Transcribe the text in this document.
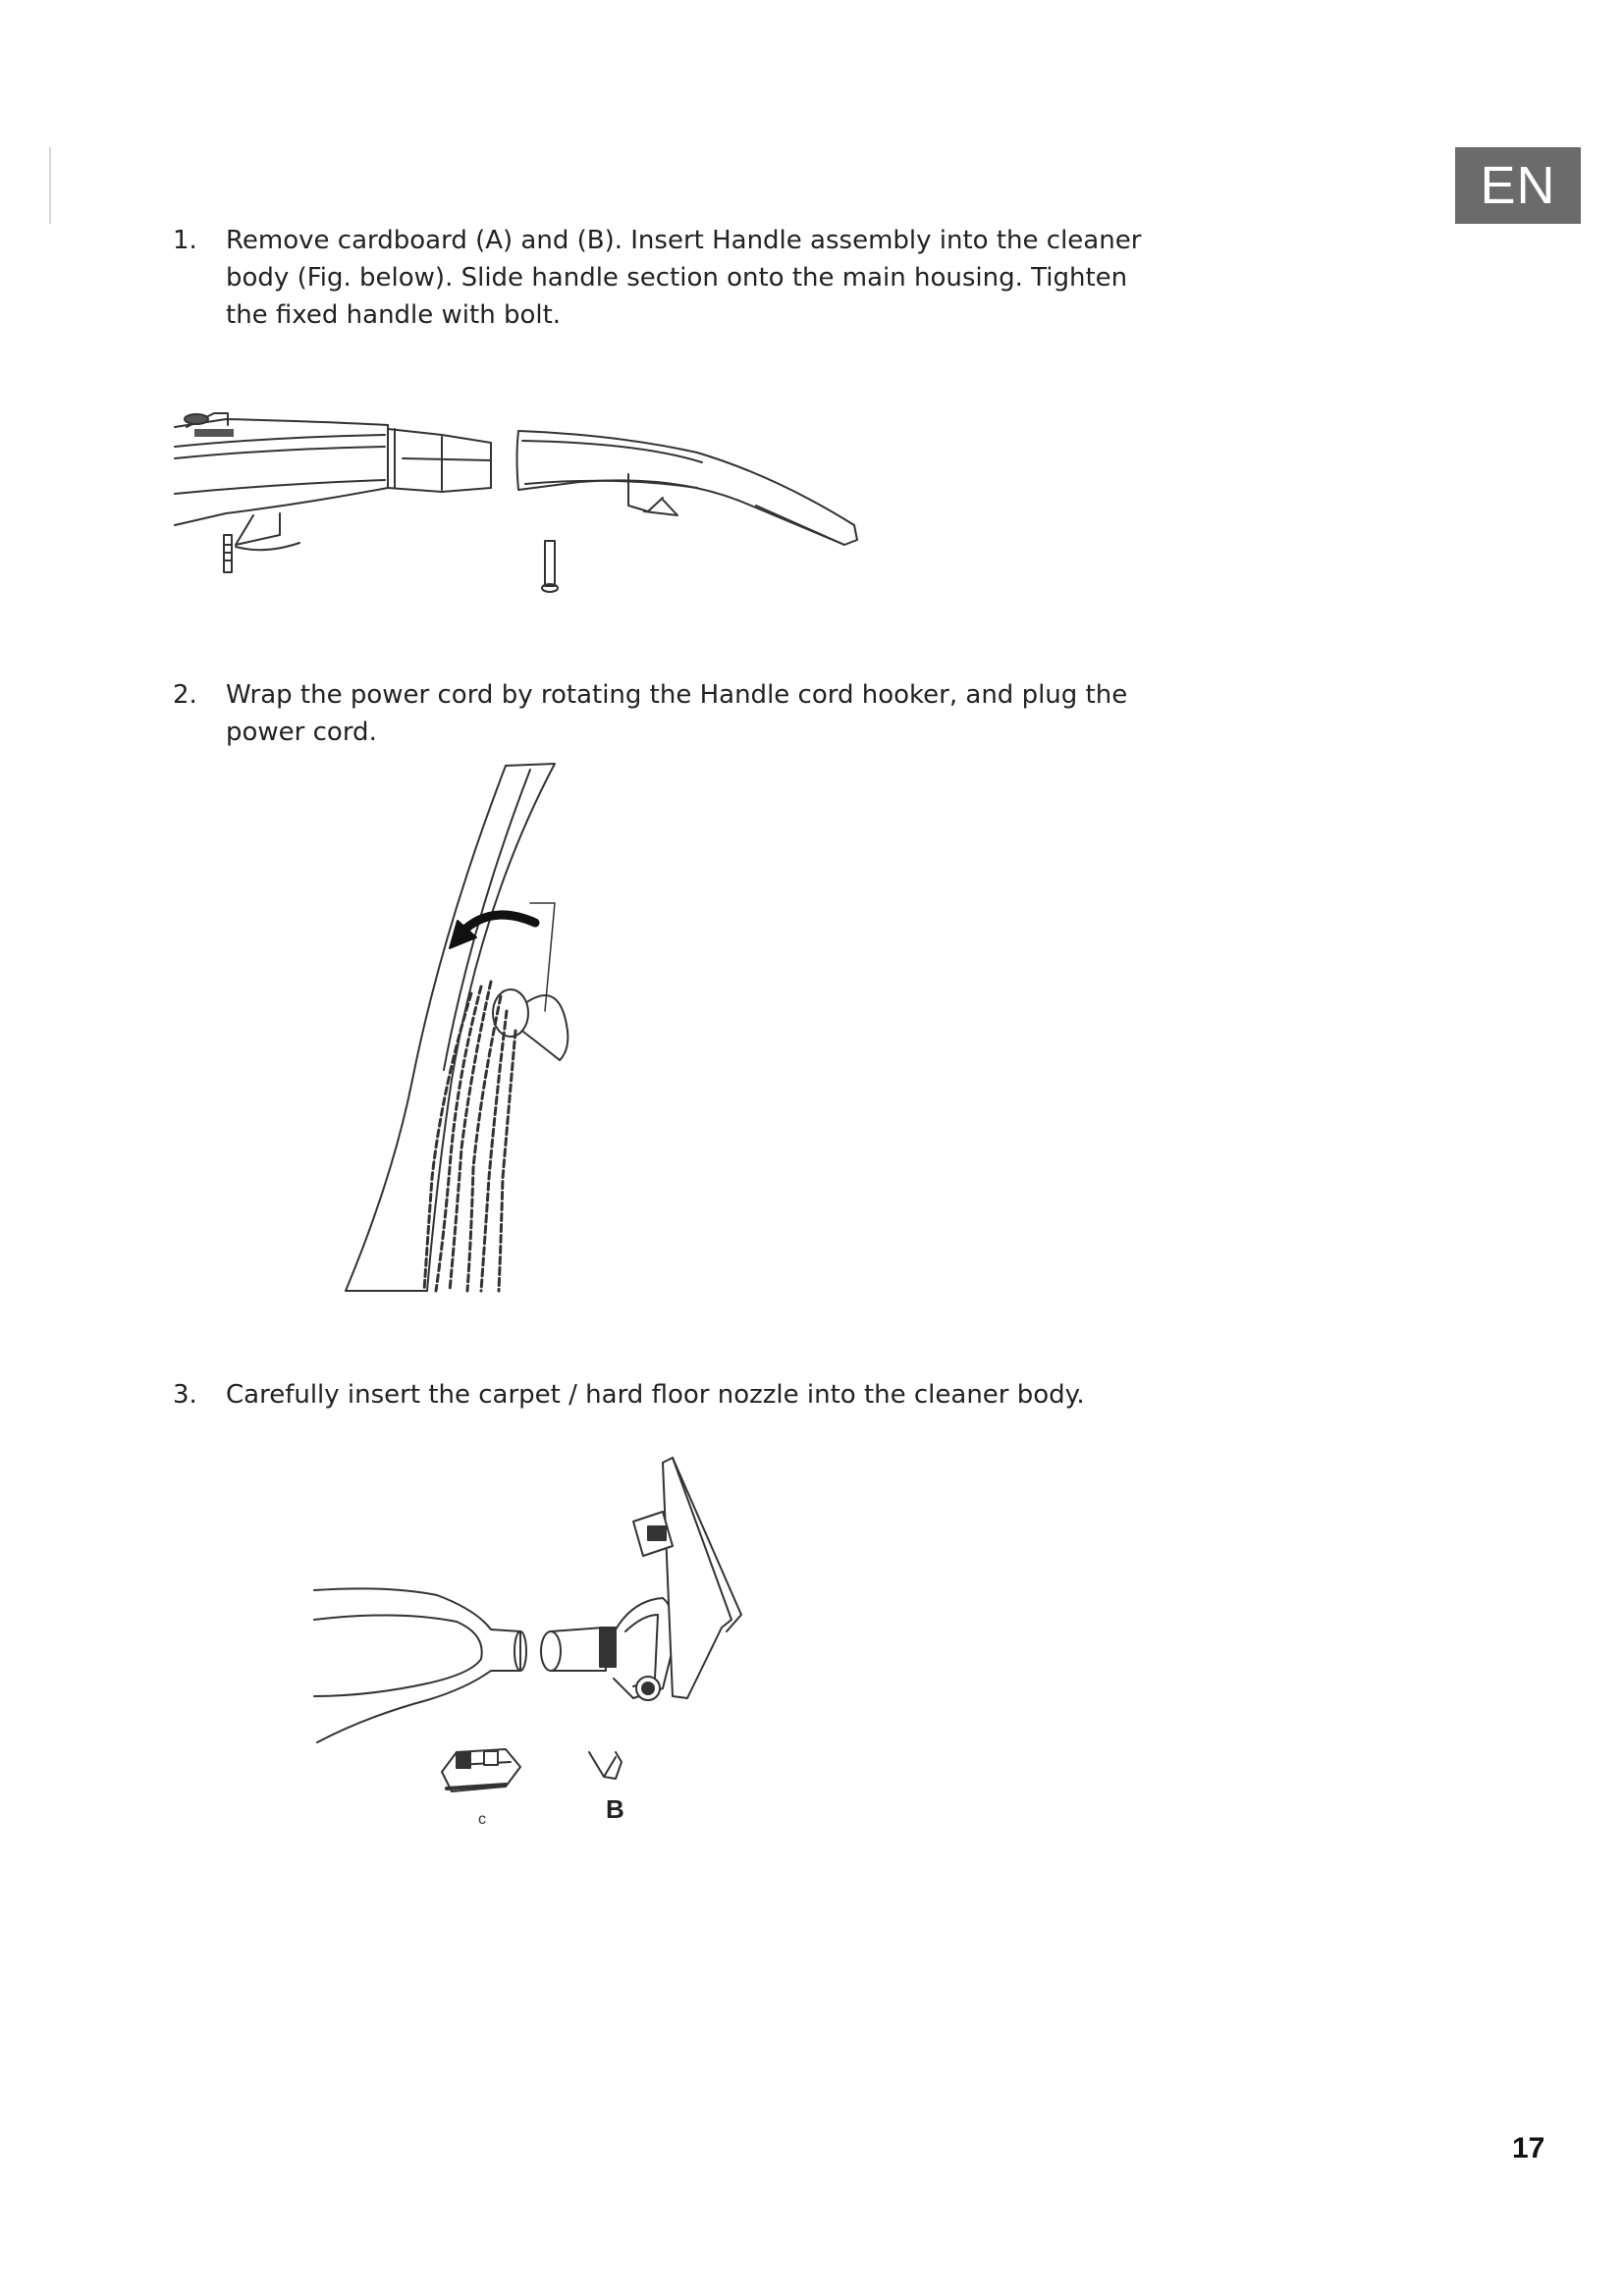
EN
1.	Remove cardboard (A) and (B). Insert Handle assembly into the cleaner body (Fig. below). Slide handle section onto the main housing. Tighten the fixed handle with bolt.
2.	Wrap the power cord by rotating the Handle cord hooker, and plug the power cord.
3.	Carefully insert the carpet / hard floor nozzle into the cleaner body.
c	B
17
